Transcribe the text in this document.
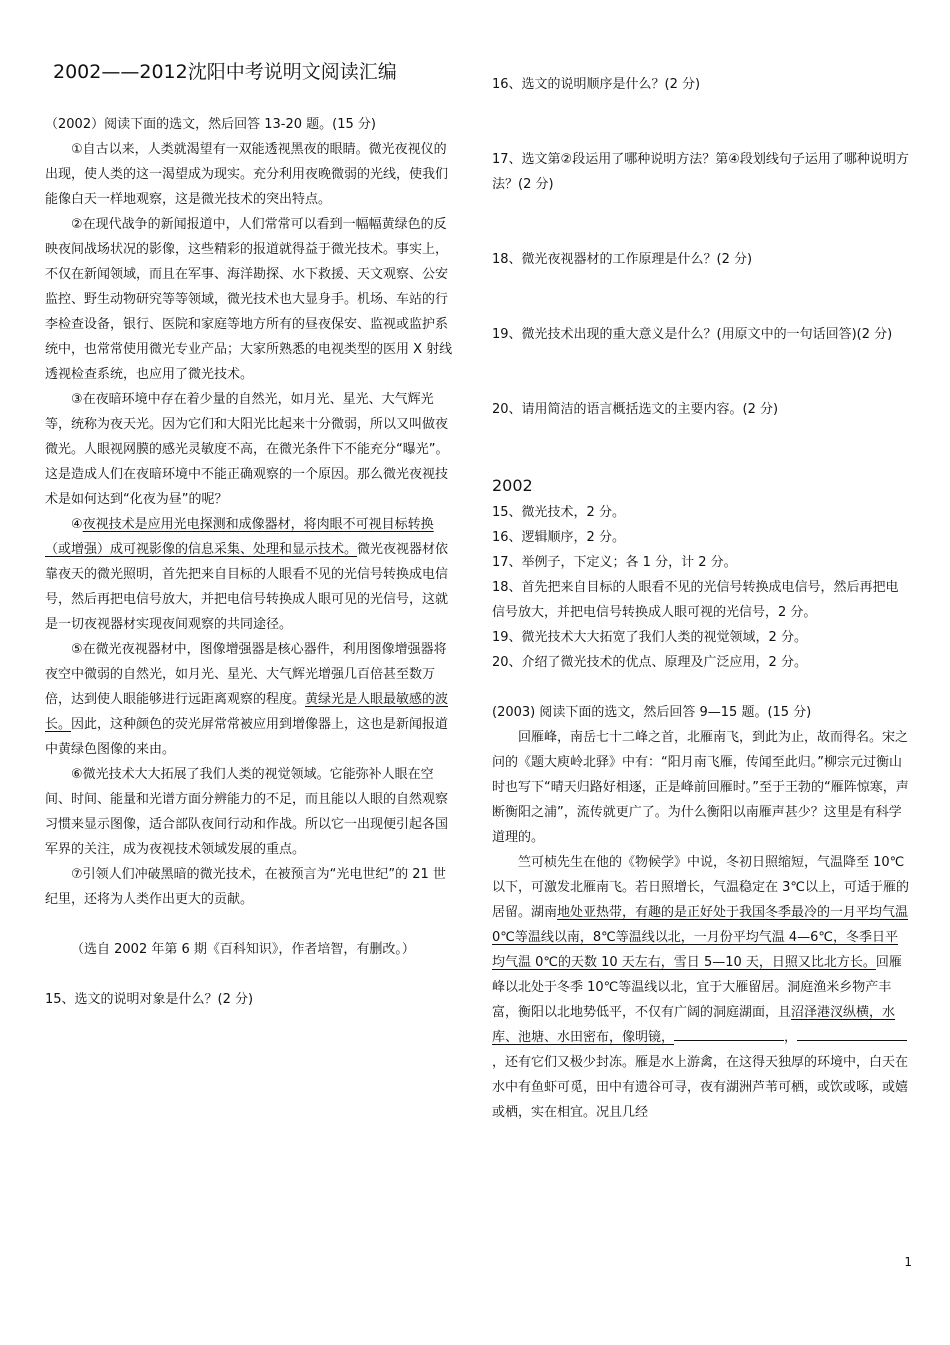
2002——2012沈阳中考说明文阅读汇编

（2002）阅读下面的选文，然后回答 13-20 题。(15 分)

①自古以来，人类就渴望有一双能透视黑夜的眼睛。微光夜视仪的出现，使人类的这一渴望成为现实。充分利用夜晚微弱的光线，使我们能像白天一样地观察，这是微光技术的突出特点。

②在现代战争的新闻报道中，人们常常可以看到一幅幅黄绿色的反映夜间战场状况的影像，这些精彩的报道就得益于微光技术。事实上，不仅在新闻领域，而且在军事、海洋勘探、水下救援、天文观察、公安监控、野生动物研究等等领域，微光技术也大显身手。机场、车站的行李检查设备，银行、医院和家庭等地方所有的昼夜保安、监视或监护系统中，也常常使用微光专业产品；大家所熟悉的电视类型的医用 X 射线透视检查系统，也应用了微光技术。

③在夜暗环境中存在着少量的自然光，如月光、星光、大气辉光等，统称为夜天光。因为它们和大阳光比起来十分微弱，所以又叫做夜微光。人眼视网膜的感光灵敏度不高，在微光条件下不能充分“曝光”。这是造成人们在夜暗环境中不能正确观察的一个原因。那么微光夜视技术是如何达到“化夜为昼”的呢？

④夜视技术是应用光电探测和成像器材，将肉眼不可视目标转换（或增强）成可视影像的信息采集、处理和显示技术。微光夜视器材依靠夜天的微光照明，首先把来自目标的人眼看不见的光信号转换成电信号，然后再把电信号放大，并把电信号转换成人眼可见的光信号，这就是一切夜视器材实现夜间观察的共同途径。

⑤在微光夜视器材中，图像增强器是核心器件，利用图像增强器将夜空中微弱的自然光，如月光、星光、大气辉光增强几百倍甚至数万倍，达到使人眼能够进行远距离观察的程度。黄绿光是人眼最敏感的波长。因此，这种颜色的荧光屏常常被应用到增像器上，这也是新闻报道中黄绿色图像的来由。

⑥微光技术大大拓展了我们人类的视觉领域。它能弥补人眼在空间、时间、能量和光谱方面分辨能力的不足，而且能以人眼的自然观察习惯来显示图像，适合部队夜间行动和作战。所以它一出现便引起各国军界的关注，成为夜视技术领域发展的重点。

⑦引领人们冲破黑暗的微光技术，在被预言为“光电世纪”的 21 世纪里，还将为人类作出更大的贡献。

（选自 2002 年第 6 期《百科知识》，作者培智，有删改。）

15、选文的说明对象是什么？(2 分)

16、选文的说明顺序是什么？(2 分)

17、选文第②段运用了哪种说明方法？第④段划线句子运用了哪种说明方法？(2 分)

18、微光夜视器材的工作原理是什么？(2 分)

19、微光技术出现的重大意义是什么？(用原文中的一句话回答)(2 分)

20、请用简洁的语言概括选文的主要内容。(2 分)

2002

15、微光技术，2 分。

16、逻辑顺序，2 分。

17、举例子，下定义；各 1 分，计 2 分。

18、首先把来自目标的人眼看不见的光信号转换成电信号，然后再把电信号放大，并把电信号转换成人眼可视的光信号，2 分。

19、微光技术大大拓宽了我们人类的视觉领域，2 分。

20、介绍了微光技术的优点、原理及广泛应用，2 分。

(2003) 阅读下面的选文，然后回答 9—15 题。(15 分)

回雁峰，南岳七十二峰之首，北雁南飞，到此为止，故而得名。宋之问的《题大庾岭北驿》中有：“阳月南飞雁，传闻至此归。”柳宗元过衡山时也写下“晴天归路好相逐，正是峰前回雁时。”至于王勃的“雁阵惊寒，声断衡阳之浦”，流传就更广了。为什么衡阳以南雁声甚少？这里是有科学道理的。

竺可桢先生在他的《物候学》中说，冬初日照缩短，气温降至 10℃以下，可激发北雁南飞。若日照增长，气温稳定在 3℃以上，可适于雁的居留。湖南地处亚热带，有趣的是正好处于我国冬季最冷的一月平均气温 0℃等温线以南，8℃等温线以北，一月份平均气温 4—6℃，冬季日平均气温 0℃的天数 10 天左右，雪日 5—10 天，日照又比北方长。回雁峰以北处于冬季 10℃等温线以北，宜于大雁留居。洞庭渔米乡物产丰富，衡阳以北地势低平，不仅有广阔的洞庭湖面，且沼泽港汊纵横，水库、池塘、水田密布，像明镜，	，，还有它们又极少封冻。雁是水上游禽，在这得天独厚的环境中，白天在水中有鱼虾可觅，田中有遗谷可寻，夜有湖洲芦苇可栖，或饮或啄，或嬉或栖，实在相宜。况且几经

1
